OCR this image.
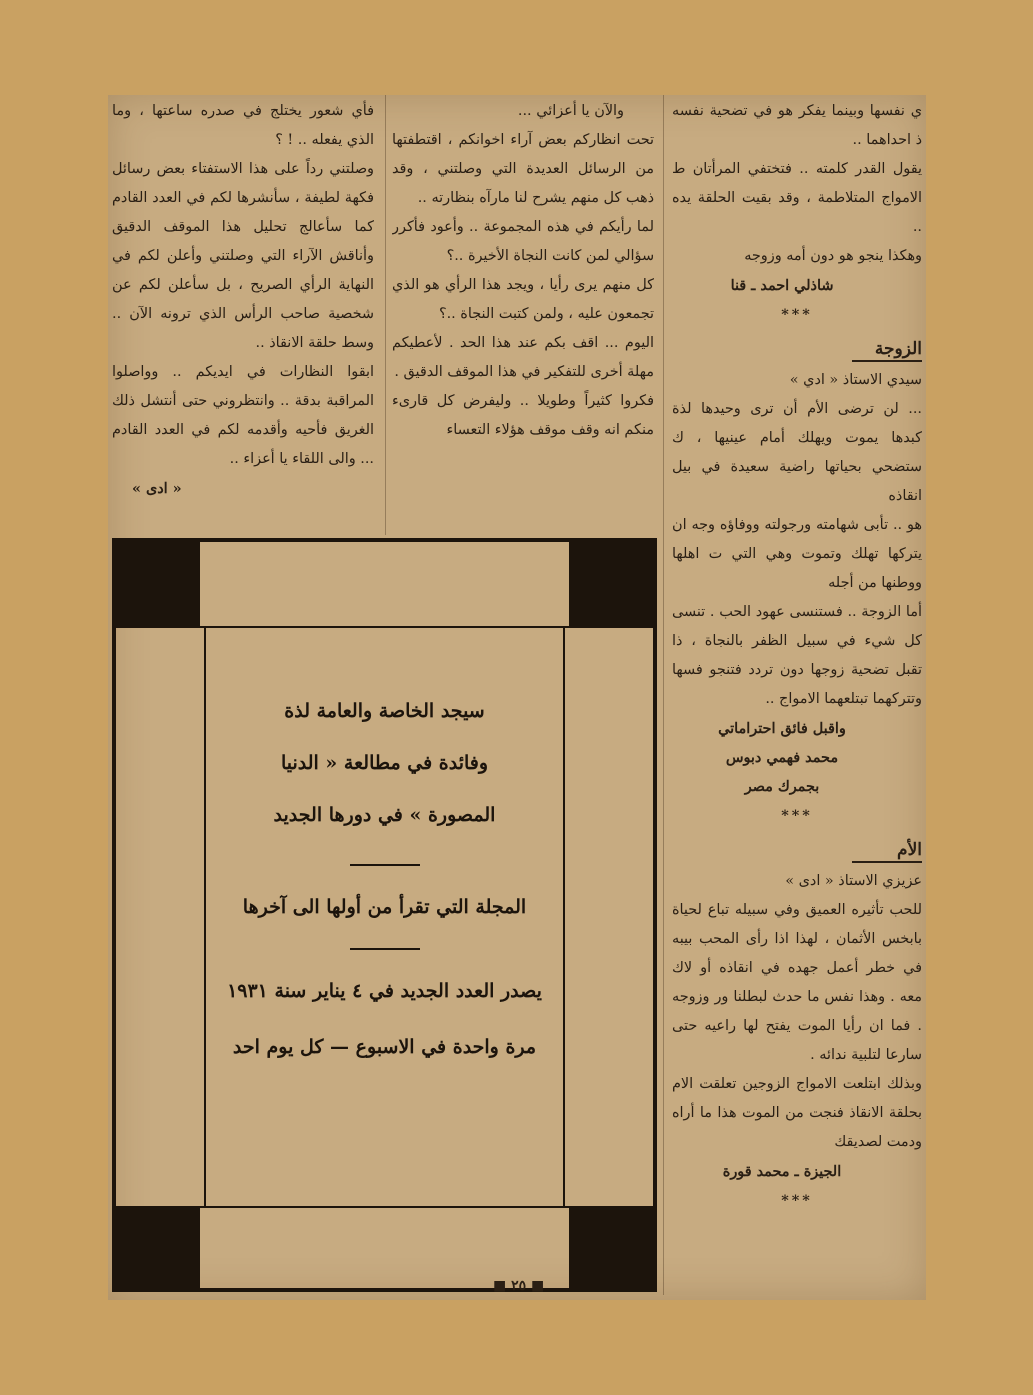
ي نفسها وبينما يفكر هو في تضحية نفسه ذ احداهما ..

يقول القدر كلمته .. فتختفي المرأتان ط الامواج المتلاطمة ، وقد بقيت الحلقة يده ..

وهكذا ينجو هو دون أمه وزوجه

شاذلي احمد ـ قنا

***

الزوجة

سيدي الاستاذ « ادي »

... لن ترضى الأم أن ترى وحيدها لذة كبدها يموت ويهلك أمام عينيها ، ك ستضحي بحياتها راضية سعيدة في بيل انقاذه

هو .. تأبى شهامته ورجولته ووفاؤه وجه ان يتركها تهلك وتموت وهي التي ت اهلها ووطنها من أجله

أما الزوجة .. فستنسى عهود الحب . تنسى كل شيء في سبيل الظفر بالنجاة ، ذا تقبل تضحية زوجها دون تردد فتنجو فسها وتتركهما تبتلعهما الامواج ..

واقبل فائق احتراماتي

محمد فهمي دبوس

بجمرك مصر

***

الأم

عزيزي الاستاذ « ادى »

للحب تأثيره العميق وفي سبيله تباع لحياة بابخس الأثمان ، لهذا اذا رأى المحب بيبه في خطر أعمل جهده في انقاذه أو لاك معه . وهذا نفس ما حدث لبطلنا ور وزوجه . فما ان رأيا الموت يفتح لها راعيه حتى سارعا لتلبية ندائه .

وبذلك ابتلعت الامواج الزوجين تعلقت الام بحلقة الانقاذ فنجت من الموت هذا ما أراه ودمت لصديقك

الجيزة ـ محمد قورة

***

والآن يا أعزائي ...

تحت انظاركم بعض آراء اخوانكم ، اقتطفتها من الرسائل العديدة التي وصلتني ، وقد ذهب كل منهم يشرح لنا مارآه بنظارته ..

لما رأيكم في هذه المجموعة .. وأعود فأكرر سؤالي لمن كانت النجاة الأخيرة ..؟

كل منهم يرى رأيا ، ويجد هذا الرأي هو الذي تجمعون عليه ، ولمن كتبت النجاة ..؟

اليوم ... اقف بكم عند هذا الحد . لأعطيكم مهلة أخرى للتفكير في هذا الموقف الدقيق .

فكروا كثيراً وطويلا .. وليفرض كل قارىء منكم انه وقف موقف هؤلاء التعساء

فأي شعور يختلج في صدره ساعتها ، وما الذي يفعله .. ! ؟

وصلتني رداً على هذا الاستفتاء بعض رسائل فكهة لطيفة ، سأنشرها لكم في العدد القادم كما سأعالج تحليل هذا الموقف الدقيق وأناقش الآراء التي وصلتني وأعلن لكم في النهاية الرأي الصريح ، بل سأعلن لكم عن شخصية صاحب الرأس الذي ترونه الآن .. وسط حلقة الانقاذ ..

ابقوا النظارات في ايديكم .. وواصلوا المراقبة بدقة .. وانتظروني حتى أنتشل ذلك الغريق فأحيه وأقدمه لكم في العدد القادم ... والى اللقاء يا أعزاء ..

« ادى »

سيجد الخاصة والعامة لذة
وفائدة في مطالعة « الدنيا
المصورة » في دورها الجديد
المجلة التي تقرأ من أولها الى آخرها
يصدر العدد الجديد في ٤ يناير سنة ١٩٣١
مرة واحدة في الاسبوع — كل يوم احد
■ ٢٥ ■
